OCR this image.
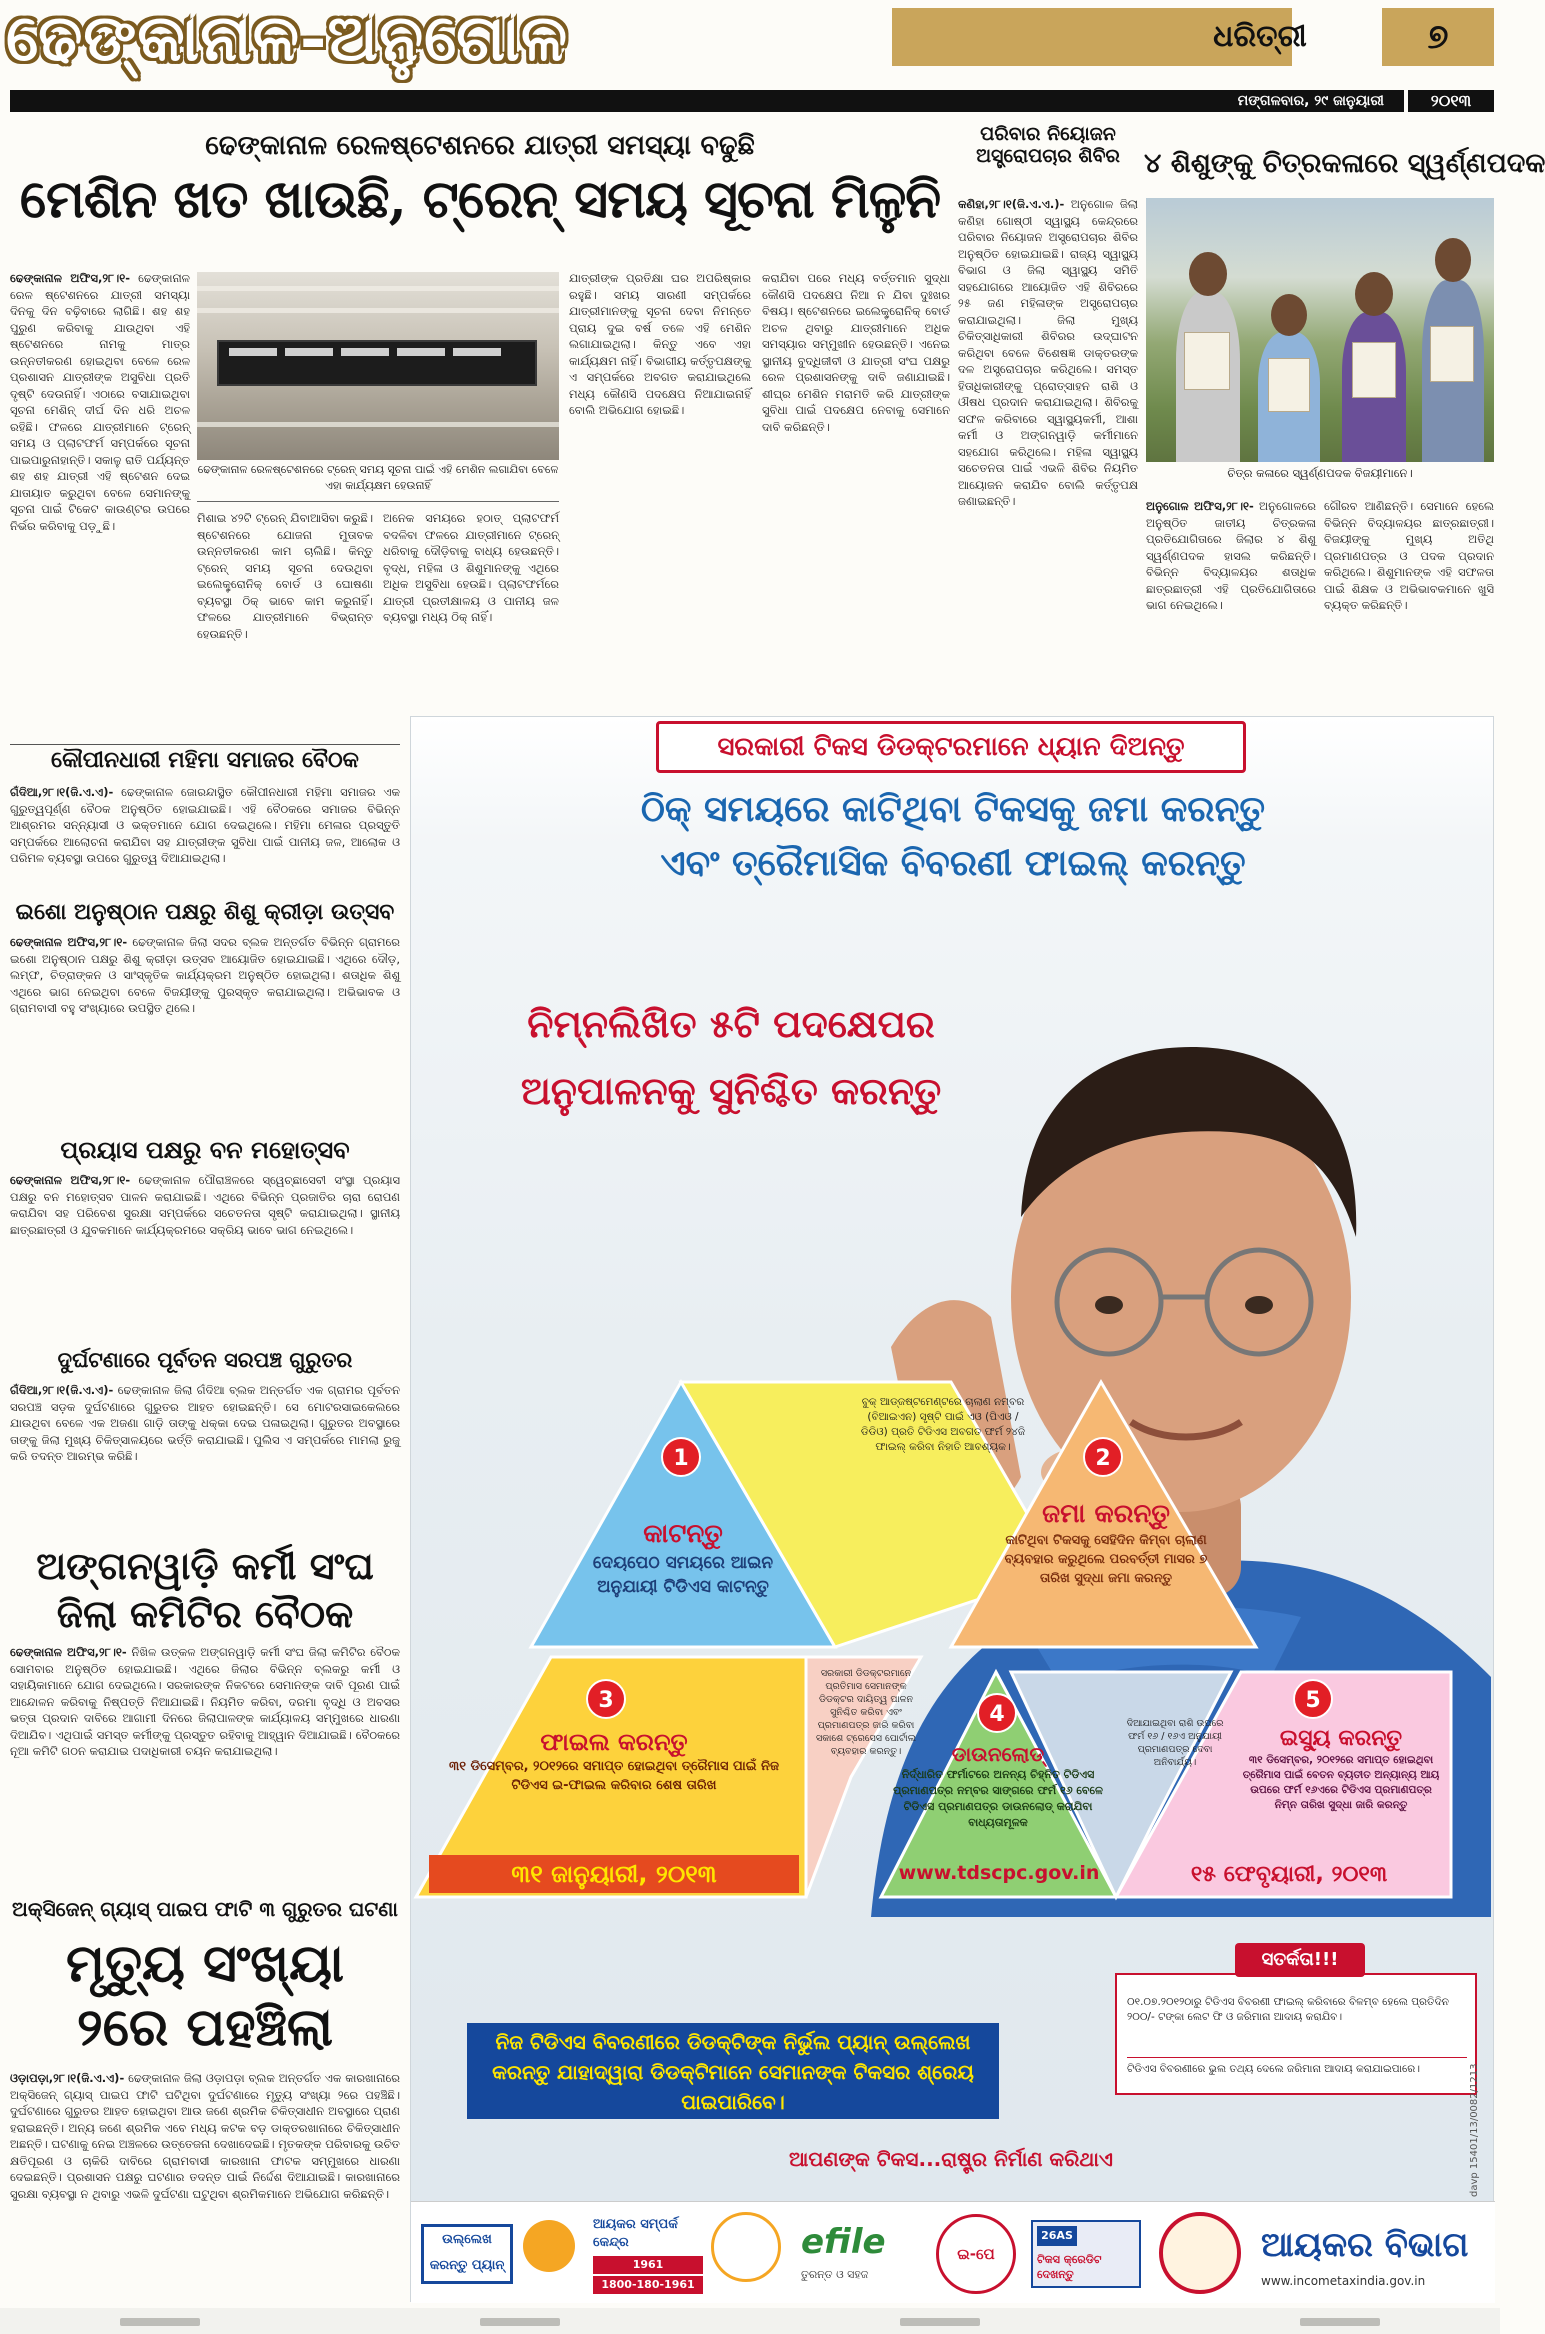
ଢେଙ୍କାନାଳ-ଅନୁଗୋଳ	ଧରିତ୍ରୀ	୭
ମଙ୍ଗଳବାର, ୨୯ ଜାନୁୟାରୀ	୨୦୧୩
ଢେଙ୍କାନାଳ ରେଳଷ୍ଟେଶନରେ ଯାତ୍ରୀ ସମସ୍ୟା ବଢୁଛି
ମେଶିନ ଖତ ଖାଉଛି, ଟ୍ରେନ୍ ସମୟ ସୂଚନା ମିଳୁନି
ଢେଙ୍କାନାଳ ଅଫିସ,୨୮।୧- ଢେଙ୍କାନାଳ ରେଳ ଷ୍ଟେଶନରେ ଯାତ୍ରୀ ସମସ୍ୟା ଦିନକୁ ଦିନ ବଢ଼ିବାରେ ଲାଗିଛି। ଶହ ଶହ ପୁରୁଣ କରିବାକୁ ଯାଉଥିବା ଏହି ଷ୍ଟେଶନରେ ନାମକୁ ମାତ୍ର ଉନ୍ନତୀକରଣ ହୋଇଥିବା ବେଳେ ରେଳ ପ୍ରଶାସନ ଯାତ୍ରୀଙ୍କ ଅସୁବିଧା ପ୍ରତି ଦୃଷ୍ଟି ଦେଉନାହିଁ। ଏଠାରେ ବସାଯାଇଥିବା ସୂଚନା ମେଶିନ୍ ଦୀର୍ଘ ଦିନ ଧରି ଅଚଳ ରହିଛି। ଫଳରେ ଯାତ୍ରୀମାନେ ଟ୍ରେନ୍ ସମୟ ଓ ପ୍ଲାଟଫର୍ମ ସମ୍ପର୍କରେ ସୂଚନା ପାଇପାରୁନାହାନ୍ତି। ସକାଳୁ ରାତି ପର୍ଯ୍ୟନ୍ତ ଶହ ଶହ ଯାତ୍ରୀ ଏହି ଷ୍ଟେଶନ ଦେଇ ଯାତାୟାତ କରୁଥିବା ବେଳେ ସେମାନଙ୍କୁ ସୂଚନା ପାଇଁ ଟିକେଟ କାଉଣ୍ଟର ଉପରେ ନିର୍ଭର କରିବାକୁ ପଡ଼ୁଛି।
ଢେଙ୍କାନାଳ ରେଳଷ୍ଟେଶନରେ ଟ୍ରେନ୍ ସମୟ ସୂଚନା ପାଇଁ ଏହି ମେଶିନ ଲଗାଯିବା ବେଳେ ଏହା କାର୍ଯ୍ୟକ୍ଷମ ହେଉନାହିଁ
ମିଶାଇ ୪୨ଟି ଟ୍ରେନ୍ ଯିବାଆସିବା କରୁଛି। ଷ୍ଟେଶନରେ ଯୋଜନା ମୁତାବକ ଉନ୍ନତୀକରଣ କାମ ଚାଲିଛି। କିନ୍ତୁ ଟ୍ରେନ୍ ସମୟ ସୂଚନା ଦେଉଥିବା ଇଲେକ୍ଟ୍ରୋନିକ୍ ବୋର୍ଡ ଓ ଘୋଷଣା ବ୍ୟବସ୍ଥା ଠିକ୍ ଭାବେ କାମ କରୁନାହିଁ। ଫଳରେ ଯାତ୍ରୀମାନେ ବିଭ୍ରାନ୍ତ ହେଉଛନ୍ତି।
ଅନେକ ସମୟରେ ହଠାତ୍ ପ୍ଲାଟଫର୍ମ ବଦଳିବା ଫଳରେ ଯାତ୍ରୀମାନେ ଟ୍ରେନ୍ ଧରିବାକୁ ଦୌଡ଼ିବାକୁ ବାଧ୍ୟ ହେଉଛନ୍ତି। ବୃଦ୍ଧ, ମହିଳା ଓ ଶିଶୁମାନଙ୍କୁ ଏଥିରେ ଅଧିକ ଅସୁବିଧା ହେଉଛି। ପ୍ଲାଟଫର୍ମରେ ଯାତ୍ରୀ ପ୍ରତୀକ୍ଷାଳୟ ଓ ପାନୀୟ ଜଳ ବ୍ୟବସ୍ଥା ମଧ୍ୟ ଠିକ୍ ନାହିଁ।
ଯାତ୍ରୀଙ୍କ ପ୍ରତିକ୍ଷା ଘର ଅପରିଷ୍କାର ରହୁଛି। ସମୟ ସାରଣୀ ସମ୍ପର୍କରେ ଯାତ୍ରୀମାନଙ୍କୁ ସୂଚନା ଦେବା ନିମନ୍ତେ ପ୍ରାୟ ଦୁଇ ବର୍ଷ ତଳେ ଏହି ମେଶିନ ଲଗାଯାଇଥିଲା। କିନ୍ତୁ ଏବେ ଏହା କାର୍ଯ୍ୟକ୍ଷମ ନାହିଁ। ବିଭାଗୀୟ କର୍ତ୍ତୃପକ୍ଷଙ୍କୁ ଏ ସମ୍ପର୍କରେ ଅବଗତ କରାଯାଇଥିଲେ ମଧ୍ୟ କୌଣସି ପଦକ୍ଷେପ ନିଆଯାଇନାହିଁ ବୋଲି ଅଭିଯୋଗ ହୋଇଛି।
କରାଯିବା ପରେ ମଧ୍ୟ ବର୍ତ୍ତମାନ ସୁଦ୍ଧା କୌଣସି ପଦକ୍ଷେପ ନିଆ ନ ଯିବା ଦୁଃଖର ବିଷୟ। ଷ୍ଟେଶନରେ ଇଲେକ୍ଟ୍ରୋନିକ୍ ବୋର୍ଡ ଅଚଳ ଥିବାରୁ ଯାତ୍ରୀମାନେ ଅଧିକ ସମସ୍ୟାର ସମ୍ମୁଖୀନ ହେଉଛନ୍ତି। ଏନେଇ ସ୍ଥାନୀୟ ବୁଦ୍ଧିଜୀବୀ ଓ ଯାତ୍ରୀ ସଂଘ ପକ୍ଷରୁ ରେଳ ପ୍ରଶାସନଙ୍କୁ ଦାବି ଜଣାଯାଇଛି। ଶୀଘ୍ର ମେଶିନ ମରାମତି କରି ଯାତ୍ରୀଙ୍କ ସୁବିଧା ପାଇଁ ପଦକ୍ଷେପ ନେବାକୁ ସେମାନେ ଦାବି କରିଛନ୍ତି।
ପରିବାର ନିୟୋଜନ ଅସ୍ତ୍ରୋପଚାର ଶିବିର
କଣିହା,୨୮।୧(ଜି.ଏ.ଏ.)- ଅନୁଗୋଳ ଜିଲା କଣିହା ଗୋଷ୍ଠୀ ସ୍ୱାସ୍ଥ୍ୟ କେନ୍ଦ୍ରରେ ପରିବାର ନିୟୋଜନ ଅସ୍ତ୍ରୋପଚାର ଶିବିର ଅନୁଷ୍ଠିତ ହୋଇଯାଇଛି। ରାଜ୍ୟ ସ୍ୱାସ୍ଥ୍ୟ ବିଭାଗ ଓ ଜିଲା ସ୍ୱାସ୍ଥ୍ୟ ସମିତି ସହଯୋଗରେ ଆୟୋଜିତ ଏହି ଶିବିରରେ ୨୫ ଜଣ ମହିଳାଙ୍କ ଅସ୍ତ୍ରୋପଚାର କରାଯାଇଥିଲା। ଜିଲା ମୁଖ୍ୟ ଚିକିତ୍ସାଧିକାରୀ ଶିବିରର ଉଦ୍‌ଘାଟନ କରିଥିବା ବେଳେ ବିଶେଷଜ୍ଞ ଡାକ୍ତରଙ୍କ ଦଳ ଅସ୍ତ୍ରୋପଚାର କରିଥିଲେ। ସମସ୍ତ ହିତାଧିକାରୀଙ୍କୁ ପ୍ରୋତ୍ସାହନ ରାଶି ଓ ଔଷଧ ପ୍ରଦାନ କରାଯାଇଥିଲା। ଶିବିରକୁ ସଫଳ କରିବାରେ ସ୍ୱାସ୍ଥ୍ୟକର୍ମୀ, ଆଶା କର୍ମୀ ଓ ଅଙ୍ଗନୱାଡ଼ି କର୍ମୀମାନେ ସହଯୋଗ କରିଥିଲେ। ମହିଳା ସ୍ୱାସ୍ଥ୍ୟ ସଚେତନତା ପାଇଁ ଏଭଳି ଶିବିର ନିୟମିତ ଆୟୋଜନ କରାଯିବ ବୋଲି କର୍ତ୍ତୃପକ୍ଷ ଜଣାଇଛନ୍ତି।
୪ ଶିଶୁଙ୍କୁ ଚିତ୍ରକଳାରେ ସ୍ୱର୍ଣ୍ଣପଦକ
ଚିତ୍ର କଳାରେ ସ୍ୱର୍ଣ୍ଣପଦକ ବିଜୟୀମାନେ।
ଅନୁଗୋଳ ଅଫିସ,୨୮।୧- ଅନୁଗୋଳରେ ଅନୁଷ୍ଠିତ ଜାତୀୟ ଚିତ୍ରକଳା ପ୍ରତିଯୋଗିତାରେ ଜିଲାର ୪ ଶିଶୁ ସ୍ୱର୍ଣ୍ଣପଦକ ହାସଲ କରିଛନ୍ତି। ବିଭିନ୍ନ ବିଦ୍ୟାଳୟର ଶତାଧିକ ଛାତ୍ରଛାତ୍ରୀ ଏହି ପ୍ରତିଯୋଗିତାରେ ଭାଗ ନେଇଥିଲେ।
ଗୌରବ ଆଣିଛନ୍ତି। ସେମାନେ ହେଲେ ବିଭିନ୍ନ ବିଦ୍ୟାଳୟର ଛାତ୍ରଛାତ୍ରୀ। ବିଜୟୀଙ୍କୁ ମୁଖ୍ୟ ଅତିଥି ପ୍ରମାଣପତ୍ର ଓ ପଦକ ପ୍ରଦାନ କରିଥିଲେ। ଶିଶୁମାନଙ୍କ ଏହି ସଫଳତା ପାଇଁ ଶିକ୍ଷକ ଓ ଅଭିଭାବକମାନେ ଖୁସି ବ୍ୟକ୍ତ କରିଛନ୍ତି।
କୌପୀନଧାରୀ ମହିମା ସମାଜର ବୈଠକ
ଗଁଦିଆ,୨୮।୧(ଜି.ଏ.ଏ)- ଢେଙ୍କାନାଳ ଜୋରନ୍ଦାସ୍ଥିତ କୌପୀନଧାରୀ ମହିମା ସମାଜର ଏକ ଗୁରୁତ୍ୱପୂର୍ଣ୍ଣ ବୈଠକ ଅନୁଷ୍ଠିତ ହୋଇଯାଇଛି। ଏହି ବୈଠକରେ ସମାଜର ବିଭିନ୍ନ ଆଶ୍ରମର ସନ୍ନ୍ୟାସୀ ଓ ଭକ୍ତମାନେ ଯୋଗ ଦେଇଥିଲେ। ମହିମା ମେଳାର ପ୍ରସ୍ତୁତି ସମ୍ପର୍କରେ ଆଲୋଚନା କରାଯିବା ସହ ଯାତ୍ରୀଙ୍କ ସୁବିଧା ପାଇଁ ପାନୀୟ ଜଳ, ଆଲୋକ ଓ ପରିମଳ ବ୍ୟବସ୍ଥା ଉପରେ ଗୁରୁତ୍ୱ ଦିଆଯାଇଥିଲା।
ଇଶୋ ଅନୁଷ୍ଠାନ ପକ୍ଷରୁ ଶିଶୁ କ୍ରୀଡ଼ା ଉତ୍ସବ
ଢେଙ୍କାନାଳ ଅଫିସ,୨୮।୧- ଢେଙ୍କାନାଳ ଜିଲା ସଦର ବ୍ଲକ ଅନ୍ତର୍ଗତ ବିଭିନ୍ନ ଗ୍ରାମରେ ଇଶୋ ଅନୁଷ୍ଠାନ ପକ୍ଷରୁ ଶିଶୁ କ୍ରୀଡ଼ା ଉତ୍ସବ ଆୟୋଜିତ ହୋଇଯାଇଛି। ଏଥିରେ ଦୌଡ଼, ଲମ୍ଫ, ଚିତ୍ରାଙ୍କନ ଓ ସାଂସ୍କୃତିକ କାର୍ଯ୍ୟକ୍ରମ ଅନୁଷ୍ଠିତ ହୋଇଥିଲା। ଶତାଧିକ ଶିଶୁ ଏଥିରେ ଭାଗ ନେଇଥିବା ବେଳେ ବିଜୟୀଙ୍କୁ ପୁରସ୍କୃତ କରାଯାଇଥିଲା। ଅଭିଭାବକ ଓ ଗ୍ରାମବାସୀ ବହୁ ସଂଖ୍ୟାରେ ଉପସ୍ଥିତ ଥିଲେ।
ପ୍ରୟାସ ପକ୍ଷରୁ ବନ ମହୋତ୍ସବ
ଢେଙ୍କାନାଳ ଅଫିସ,୨୮।୧- ଢେଙ୍କାନାଳ ପୌରାଞ୍ଚଳରେ ସ୍ୱେଚ୍ଛାସେବୀ ସଂସ୍ଥା ପ୍ରୟାସ ପକ୍ଷରୁ ବନ ମହୋତ୍ସବ ପାଳନ କରାଯାଇଛି। ଏଥିରେ ବିଭିନ୍ନ ପ୍ରଜାତିର ଚାରା ରୋପଣ କରାଯିବା ସହ ପରିବେଶ ସୁରକ୍ଷା ସମ୍ପର୍କରେ ସଚେତନତା ସୃଷ୍ଟି କରାଯାଇଥିଲା। ସ୍ଥାନୀୟ ଛାତ୍ରଛାତ୍ରୀ ଓ ଯୁବକମାନେ କାର୍ଯ୍ୟକ୍ରମରେ ସକ୍ରିୟ ଭାବେ ଭାଗ ନେଇଥିଲେ।
ଦୁର୍ଘଟଣାରେ ପୂର୍ବତନ ସରପଞ୍ଚ ଗୁରୁତର
ଗଁଦିଆ,୨୮।୧(ଜି.ଏ.ଏ)- ଢେଙ୍କାନାଳ ଜିଲା ଗଁଦିଆ ବ୍ଲକ ଅନ୍ତର୍ଗତ ଏକ ଗ୍ରାମର ପୂର୍ବତନ ସରପଞ୍ଚ ସଡ଼କ ଦୁର୍ଘଟଣାରେ ଗୁରୁତର ଆହତ ହୋଇଛନ୍ତି। ସେ ମୋଟରସାଇକେଲରେ ଯାଉଥିବା ବେଳେ ଏକ ଅଜଣା ଗାଡ଼ି ତାଙ୍କୁ ଧକ୍କା ଦେଇ ପଳାଇଥିଲା। ଗୁରୁତର ଅବସ୍ଥାରେ ତାଙ୍କୁ ଜିଲା ମୁଖ୍ୟ ଚିକିତ୍ସାଳୟରେ ଭର୍ତ୍ତି କରାଯାଇଛି। ପୁଲିସ ଏ ସମ୍ପର୍କରେ ମାମଲା ରୁଜୁ କରି ତଦନ୍ତ ଆରମ୍ଭ କରିଛି।
ଅଙ୍ଗନୱାଡ଼ି କର୍ମୀ ସଂଘ
ଜିଲା କମିଟିର ବୈଠକ
ଢେଙ୍କାନାଳ ଅଫିସ,୨୮।୧- ନିଖିଳ ଉତ୍କଳ ଅଙ୍ଗନୱାଡ଼ି କର୍ମୀ ସଂଘ ଜିଲା କମିଟିର ବୈଠକ ସୋମବାର ଅନୁଷ୍ଠିତ ହୋଇଯାଇଛି। ଏଥିରେ ଜିଲାର ବିଭିନ୍ନ ବ୍ଲକରୁ କର୍ମୀ ଓ ସହାୟିକାମାନେ ଯୋଗ ଦେଇଥିଲେ। ସରକାରଙ୍କ ନିକଟରେ ସେମାନଙ୍କ ଦାବି ପୂରଣ ପାଇଁ ଆନ୍ଦୋଳନ କରିବାକୁ ନିଷ୍ପତ୍ତି ନିଆଯାଇଛି। ନିୟମିତ କରିବା, ଦରମା ବୃଦ୍ଧି ଓ ଅବସର ଭତ୍ତା ପ୍ରଦାନ ଦାବିରେ ଆଗାମୀ ଦିନରେ ଜିଲାପାଳଙ୍କ କାର୍ଯ୍ୟାଳୟ ସମ୍ମୁଖରେ ଧାରଣା ଦିଆଯିବ। ଏଥିପାଇଁ ସମସ୍ତ କର୍ମୀଙ୍କୁ ପ୍ରସ୍ତୁତ ରହିବାକୁ ଆହ୍ୱାନ ଦିଆଯାଇଛି। ବୈଠକରେ ନୂଆ କମିଟି ଗଠନ କରାଯାଇ ପଦାଧିକାରୀ ଚୟନ କରାଯାଇଥିଲା।
ଅକ୍ସିଜେନ୍ ଗ୍ୟାସ୍ ପାଇପ ଫାଟି ୩ ଗୁରୁତର ଘଟଣା
ମୃତ୍ୟୁ ସଂଖ୍ୟା
୨ରେ ପହଞ୍ଚିଲା
ଓଡ଼ାପଡ଼ା,୨୮।୧(ଜି.ଏ.ଏ)- ଢେଙ୍କାନାଳ ଜିଲା ଓଡ଼ାପଡ଼ା ବ୍ଲକ ଅନ୍ତର୍ଗତ ଏକ କାରଖାନାରେ ଅକ୍ସିଜେନ୍ ଗ୍ୟାସ୍ ପାଇପ ଫାଟି ଘଟିଥିବା ଦୁର୍ଘଟଣାରେ ମୃତ୍ୟୁ ସଂଖ୍ୟା ୨ରେ ପହଞ୍ଚିଛି। ଦୁର୍ଘଟଣାରେ ଗୁରୁତର ଆହତ ହୋଇଥିବା ଆଉ ଜଣେ ଶ୍ରମିକ ଚିକିତ୍ସାଧୀନ ଅବସ୍ଥାରେ ପ୍ରାଣ ହରାଇଛନ୍ତି। ଅନ୍ୟ ଜଣେ ଶ୍ରମିକ ଏବେ ମଧ୍ୟ କଟକ ବଡ଼ ଡାକ୍ତରଖାନାରେ ଚିକିତ୍ସାଧୀନ ଅଛନ୍ତି। ଘଟଣାକୁ ନେଇ ଅଞ୍ଚଳରେ ଉତ୍ତେଜନା ଦେଖାଦେଇଛି। ମୃତକଙ୍କ ପରିବାରକୁ ଉଚିତ କ୍ଷତିପୂରଣ ଓ ଚାକିରି ଦାବିରେ ଗ୍ରାମବାସୀ କାରଖାନା ଫାଟକ ସମ୍ମୁଖରେ ଧାରଣା ଦେଇଛନ୍ତି। ପ୍ରଶାସନ ପକ୍ଷରୁ ଘଟଣାର ତଦନ୍ତ ପାଇଁ ନିର୍ଦ୍ଦେଶ ଦିଆଯାଇଛି। କାରଖାନାରେ ସୁରକ୍ଷା ବ୍ୟବସ୍ଥା ନ ଥିବାରୁ ଏଭଳି ଦୁର୍ଘଟଣା ଘଟୁଥିବା ଶ୍ରମିକମାନେ ଅଭିଯୋଗ କରିଛନ୍ତି।
ସରକାରୀ ଟିକସ ଡିଡକ୍ଟରମାନେ ଧ୍ୟାନ ଦିଅନ୍ତୁ
ଠିକ୍ ସମୟରେ କାଟିଥିବା ଟିକସକୁ ଜମା କରନ୍ତୁ
ଏବଂ ତ୍ରୈମାସିକ ବିବରଣୀ ଫାଇଲ୍ କରନ୍ତୁ
ନିମ୍ନଲିଖିତ ୫ଟି ପଦକ୍ଷେପର
ଅନୁପାଳନକୁ ସୁନିଶ୍ଚିତ କରନ୍ତୁ
1
କାଟନ୍ତୁ
ଦେୟପେଠ ସମୟରେ ଆଇନ ଅନୁଯାୟୀ ଟିଡିଏସ କାଟନ୍ତୁ
ବୁକ୍ ଆଡ୍‌ଜଷ୍ଟମେଣ୍ଟରେ ଚାଲାଣ ନମ୍ବର (ବିଆଇଏନ) ସୃଷ୍ଟି ପାଇଁ ଏଓ (ପିଏଓ / ଡିଡିଓ) ପ୍ରତି ଟିଡିଏସ ଅବଗତ ଫର୍ମ ୨୪ଜି ଫାଇଲ୍ କରିବା ନିହାତି ଆବଶ୍ୟକ।	2
ଜମା କରନ୍ତୁ
କାଟିଥିବା ଟିକସକୁ ସେହିଦିନ କିମ୍ବା ଚାଲାଣ ବ୍ୟବହାର କରୁଥିଲେ ପରବର୍ତ୍ତୀ ମାସର ୭ ତାରିଖ ସୁଦ୍ଧା ଜମା କରନ୍ତୁ
3
ଫାଇଲ କରନ୍ତୁ
୩୧ ଡିସେମ୍ବର, ୨୦୧୨ରେ ସମାପ୍ତ ହୋଇଥିବା ତ୍ରୈମାସ ପାଇଁ ନିଜ ଟିଡିଏସ ଇ-ଫାଇଲ କରିବାର ଶେଷ ତାରିଖ
୩୧ ଜାନୁୟାରୀ, ୨୦୧୩
ସରକାରୀ ଡିଡକ୍ଟରମାନେ ପ୍ରତିମାସ ସେମାନଙ୍କ ଡିଡକ୍ଟର ଦାୟିତ୍ୱ ପାଳନ ସୁନିଶ୍ଚିତ କରିବା ଏବଂ ପ୍ରମାଣପତ୍ର ଜାରି କରିବା ସକାଶେ ଟ୍ରେସେସ ପୋର୍ଟାଲ ବ୍ୟବହାର କରନ୍ତୁ।
4
ଡାଉନଲୋଡ୍
ନିର୍ଦ୍ଧାରିତ ଫର୍ମାଟରେ ଅନନ୍ୟ ଚିହ୍ନିତ ଟିଡିଏସ ପ୍ରମାଣପତ୍ର ନମ୍ବର ସାଙ୍ଗରେ ଫର୍ମ ୧୬ ବେଳେ ଟିଡିଏସ ପ୍ରମାଣପତ୍ର ଡାଉନଲୋଡ୍ କରାଯିବା ବାଧ୍ୟତାମୂଳକ
www.tdscpc.gov.in
ଦିଆଯାଇଥିବା ରାଶି ଉପରେ ଫର୍ମ ୧୬ / ୧୬ଏ ଅନୁଯାୟୀ ପ୍ରମାଣପତ୍ର ଦେବା ଅନିବାର୍ଯ୍ୟ।
5
ଇସ୍ୟୁ କରନ୍ତୁ
୩୧ ଡିସେମ୍ବର, ୨୦୧୨ରେ ସମାପ୍ତ ହୋଇଥିବା ତ୍ରୈମାସ ପାଇଁ ବେତନ ବ୍ୟତୀତ ଅନ୍ୟାନ୍ୟ ଆୟ ଉପରେ ଫର୍ମ ୧୬ଏରେ ଟିଡିଏସ ପ୍ରମାଣପତ୍ର ନିମ୍ନ ତାରିଖ ସୁଦ୍ଧା ଜାରି କରନ୍ତୁ
୧୫ ଫେବୃୟାରୀ, ୨୦୧୩
୦୧.୦୭.୨୦୧୨ଠାରୁ ଟିଡିଏସ ବିବରଣୀ ଫାଇଲ୍ କରିବାରେ ବିଳମ୍ବ ହେଲେ ପ୍ରତିଦିନ ୨୦୦/- ଟଙ୍କା ଲେଟ ଫି ଓ ଜରିମାନା ଆଦାୟ କରାଯିବ।
ଟିଡିଏସ ବିବରଣୀରେ ଭୁଲ ତଥ୍ୟ ଦେଲେ ଜରିମାନା ଆଦାୟ କରାଯାଇପାରେ।
ସତର୍କତା!!!
ନିଜ ଟିଡିଏସ ବିବରଣୀରେ ଡିଡକ୍ଟିଙ୍କ ନିର୍ଭୁଲ ପ୍ୟାନ୍ ଉଲ୍ଲେଖ କରନ୍ତୁ ଯାହାଦ୍ୱାରା ଡିଡକ୍ଟିମାନେ ସେମାନଙ୍କ ଟିକସର ଶ୍ରେୟ ପାଇପାରିବେ।
ଆପଣଙ୍କ ଟିକସ...ରାଷ୍ଟ୍ର ନିର୍ମାଣ କରିଥାଏ	davp 15401/13/0082/1213
ଉଲ୍ଲେଖ କରନ୍ତୁ ପ୍ୟାନ୍
ଆୟକର ସମ୍ପର୍କ କେନ୍ଦ୍ର
1961
1800-180-1961
efile
ତୁରନ୍ତ ଓ ସହଜ
ଇ-ପେ
26AS
ଟିକସ କ୍ରେଡିଟ ଦେଖନ୍ତୁ
ଆୟକର ବିଭାଗ
www.incometaxindia.gov.in
